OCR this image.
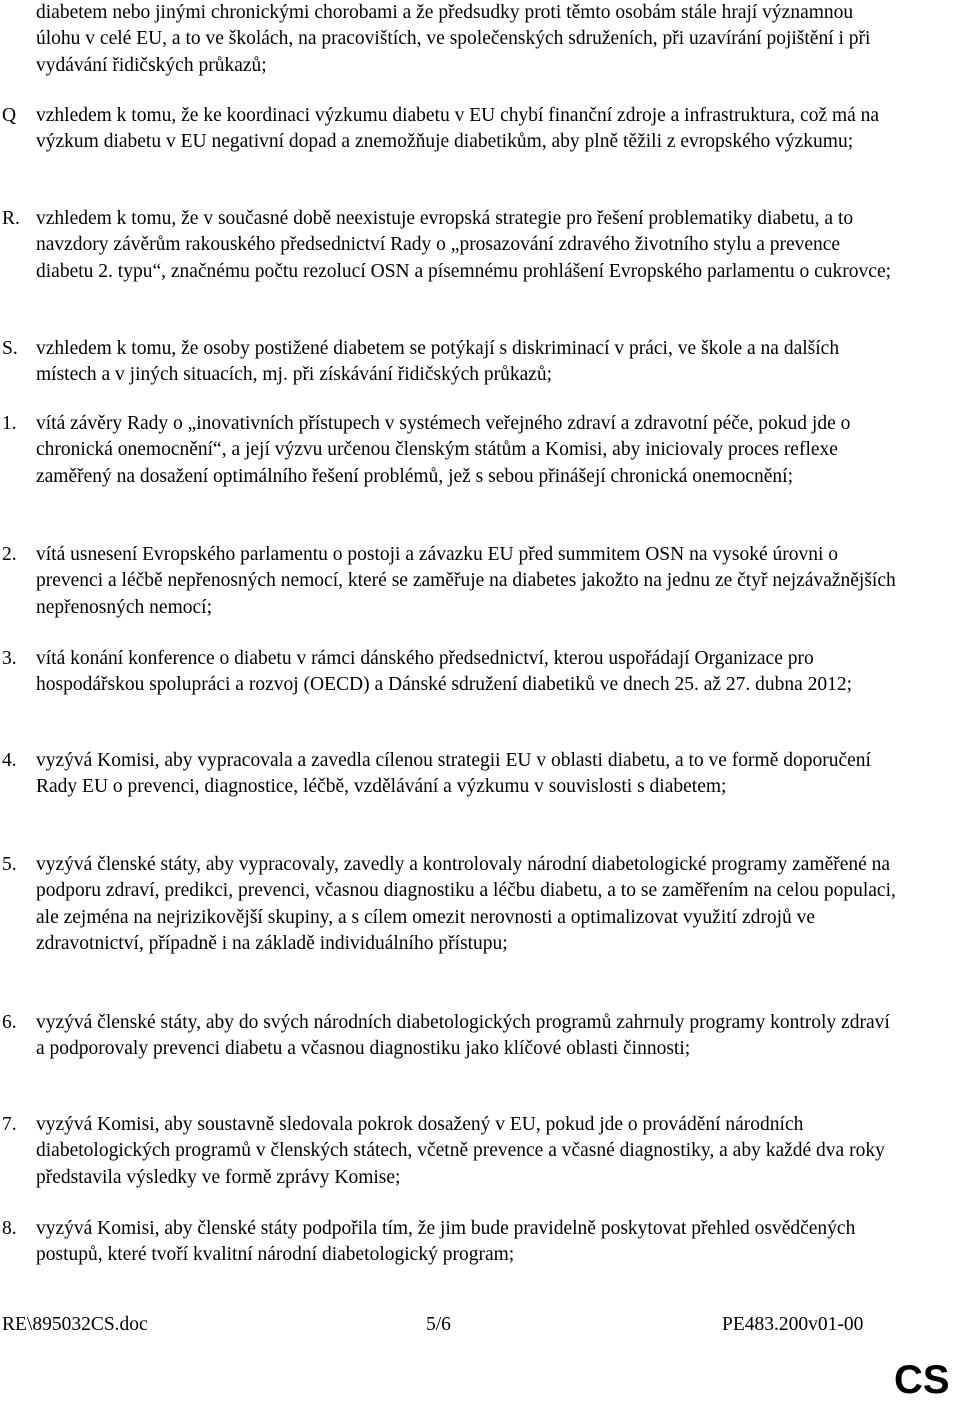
diabetem nebo jinými chronickými chorobami a že předsudky proti těmto osobám stále hrají významnou úlohu v celé EU, a to ve školách, na pracovištích, ve společenských sdruženích, při uzavírání pojištění i při vydávání řidičských průkazů;
Q	vzhledem k tomu, že ke koordinaci výzkumu diabetu v EU chybí finanční zdroje a infrastruktura, což má na výzkum diabetu v EU negativní dopad a znemožňuje diabetikům, aby plně těžili z evropského výzkumu;
R. vzhledem k tomu, že v současné době neexistuje evropská strategie pro řešení problematiky diabetu, a to navzdory závěrům rakouského předsednictví Rady o „prosazování zdravého životního stylu a prevence diabetu 2. typu“, značnému počtu rezolucí OSN a písemnému prohlášení Evropského parlamentu o cukrovce;
S. vzhledem k tomu, že osoby postižené diabetem se potýkají s diskriminací v práci, ve škole a na dalších místech a v jiných situacích, mj. při získávání řidičských průkazů;
1. vítá závěry Rady o „inovativních přístupech v systémech veřejného zdraví a zdravotní péče, pokud jde o chronická onemocnění“, a její výzvu určenou členským státům a Komisi, aby iniciovaly proces reflexe zaměřený na dosažení optimálního řešení problémů, jež s sebou přinášejí chronická onemocnění;
2. vítá usnesení Evropského parlamentu o postoji a závazku EU před summitem OSN na vysoké úrovni o prevenci a léčbě nepřenosných nemocí, které se zaměřuje na diabetes jakožto na jednu ze čtyř nejzávažnějších nepřenosných nemocí;
3. vítá konání konference o diabetu v rámci dánského předsednictví, kterou uspořádají Organizace pro hospodářskou spolupráci a rozvoj (OECD) a Dánské sdružení diabetiků ve dnech 25. až 27. dubna 2012;
4. vyzývá Komisi, aby vypracovala a zavedla cílenou strategii EU v oblasti diabetu, a to ve formě doporučení Rady EU o prevenci, diagnostice, léčbě, vzdělávání a výzkumu v souvislosti s diabetem;
5. vyzývá členské státy, aby vypracovaly, zavedly a kontrolovaly národní diabetologické programy zaměřené na podporu zdraví, predikci, prevenci, včasnou diagnostiku a léčbu diabetu, a to se zaměřením na celou populaci, ale zejména na nejrizikovější skupiny, a s cílem omezit nerovnosti a optimalizovat využití zdrojů ve zdravotnictví, případně i na základě individuálního přístupu;
6. vyzývá členské státy, aby do svých národních diabetologických programů zahrnuly programy kontroly zdraví a podporovaly prevenci diabetu a včasnou diagnostiku jako klíčové oblasti činnosti;
7. vyzývá Komisi, aby soustavně sledovala pokrok dosažený v EU, pokud jde o provádění národních diabetologických programů v členských státech, včetně prevence a včasné diagnostiky, a aby každé dva roky představila výsledky ve formě zprávy Komise;
8. vyzývá Komisi, aby členské státy podpořila tím, že jim bude pravidelně poskytovat přehled osvědčených postupů, které tvoří kvalitní národní diabetologický program;
RE\895032CS.doc	5/6	PE483.200v01-00
CS
